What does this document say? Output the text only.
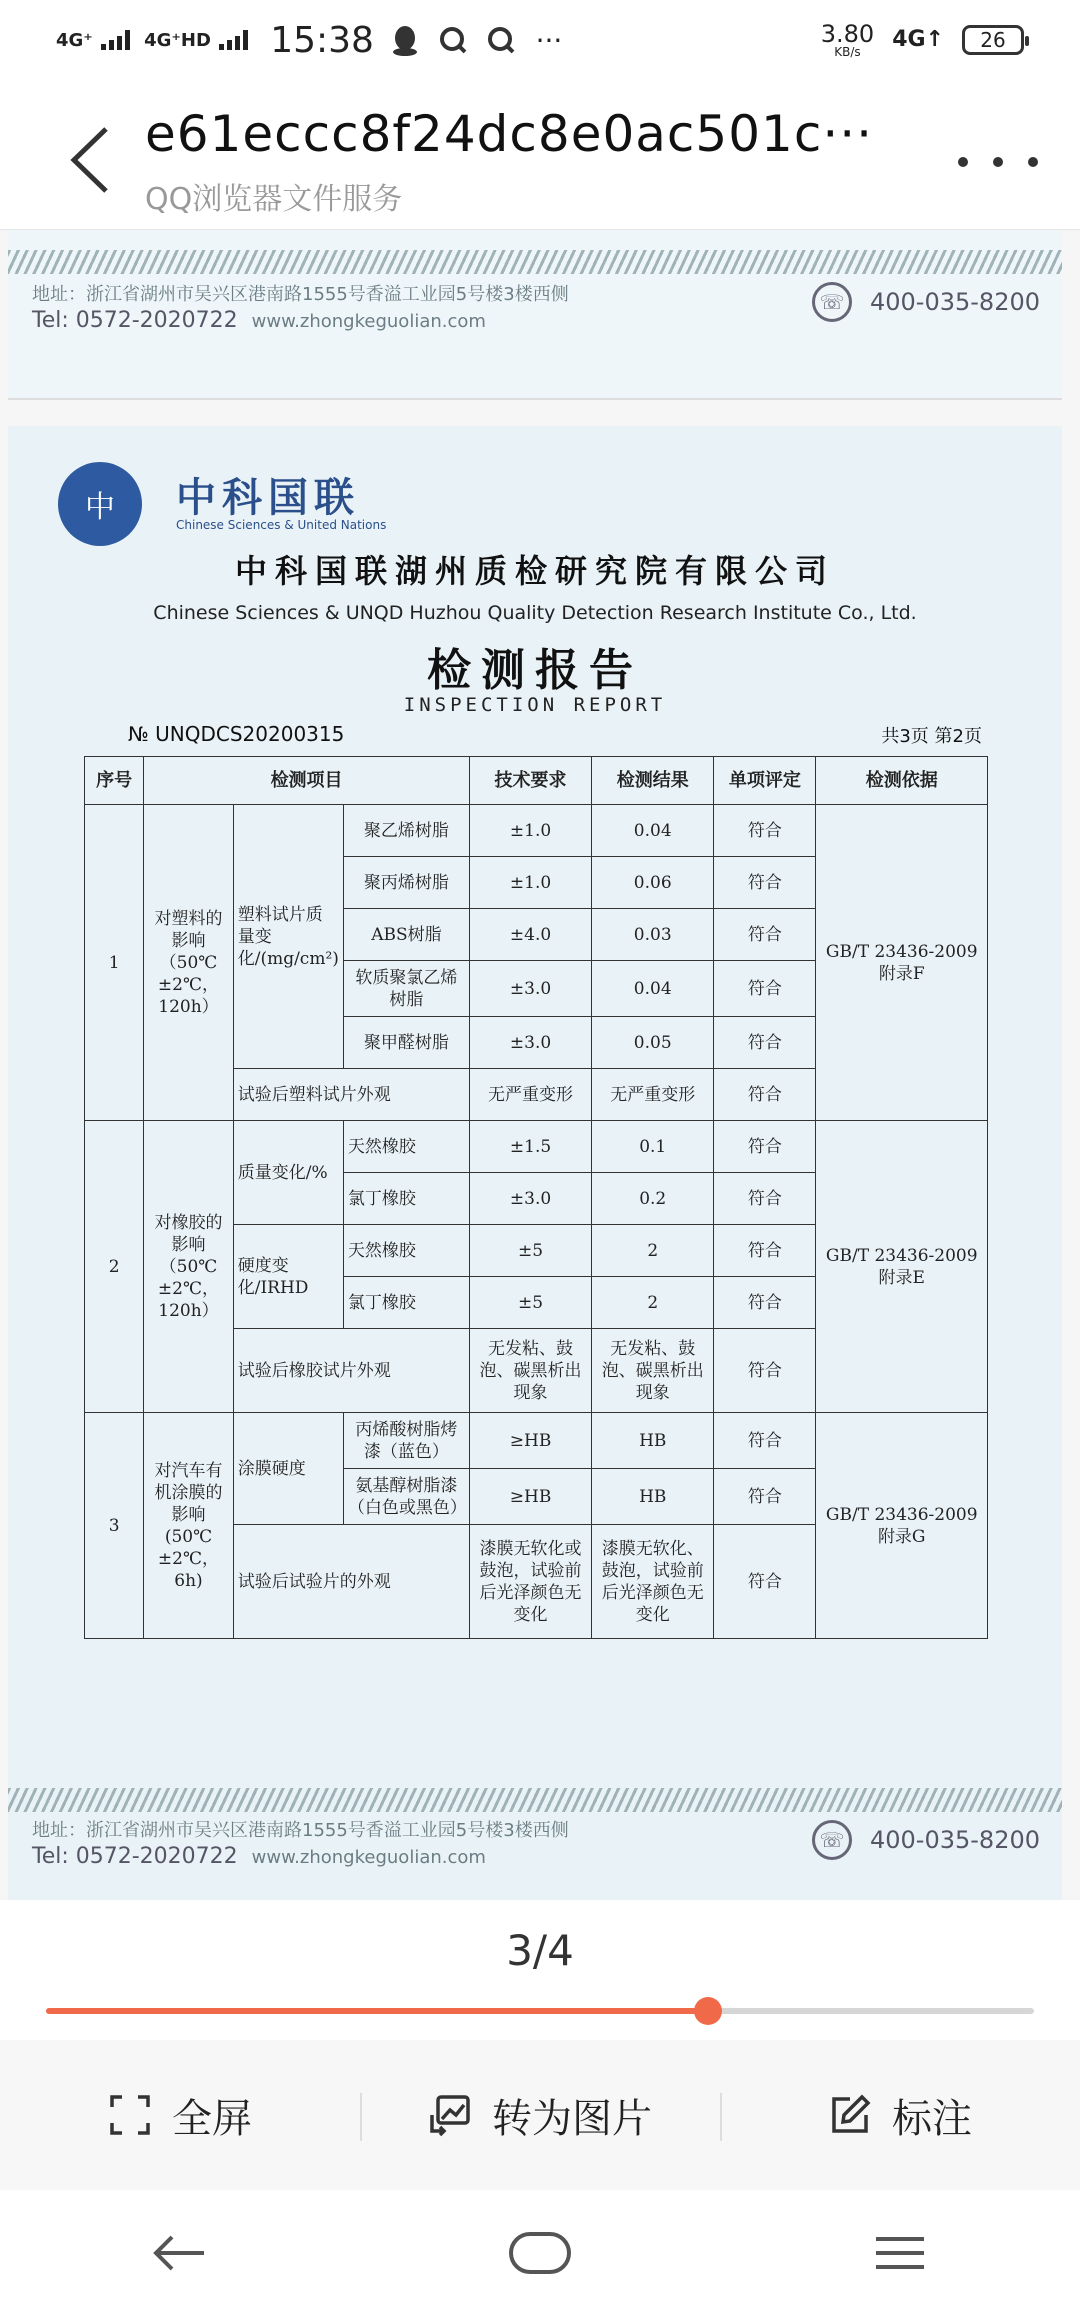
4G⁺	4G⁺HD	15:38	···	3.80
KB/s	4G↑	26
e61eccc8f24dc8e0ac501c···
QQ浏览器文件服务
地址：浙江省湖州市吴兴区港南路1555号香溢工业园5号楼3楼西侧
Tel: 0572-2020722 www.zhongkeguolian.com
☏	400-035-8200
中 中科国联
Chinese Sciences & United Nations
中科国联湖州质检研究院有限公司
Chinese Sciences & UNQD Huzhou Quality Detection Research Institute Co., Ltd.
检测报告
INSPECTION REPORT
№ UNQDCS20200315	共3页 第2页
序号	检测项目			技术要求	检测结果	单项评定	检测依据
1	对塑料的影响（50℃±2℃，120h）	塑料试片质量变化/(mg/cm²)	聚乙烯树脂	±1.0	0.04	符合	GB/T 23436-2009 附录F
			聚丙烯树脂	±1.0	0.06	符合	
			ABS树脂	±4.0	0.03	符合	
			软质聚氯乙烯树脂	±3.0	0.04	符合	
			聚甲醛树脂	±3.0	0.05	符合	
		试验后塑料试片外观		无严重变形	无严重变形	符合	
2	对橡胶的影响（50℃±2℃，120h）	质量变化/%	天然橡胶	±1.5	0.1	符合	GB/T 23436-2009 附录E
			氯丁橡胶	±3.0	0.2	符合	
		硬度变化/IRHD	天然橡胶	±5	2	符合	
			氯丁橡胶	±5	2	符合	
		试验后橡胶试片外观		无发粘、鼓泡、碳黑析出现象	无发粘、鼓泡、碳黑析出现象	符合	
3	对汽车有机涂膜的影响(50℃±2℃，6h)	涂膜硬度	丙烯酸树脂烤漆（蓝色）	≥HB	HB	符合	GB/T 23436-2009 附录G
			氨基醇树脂漆（白色或黑色）	≥HB	HB	符合	
		试验后试验片的外观		漆膜无软化或鼓泡，试验前后光泽颜色无变化	漆膜无软化、鼓泡，试验前后光泽颜色无变化	符合	
地址：浙江省湖州市吴兴区港南路1555号香溢工业园5号楼3楼西侧
Tel: 0572-2020722 www.zhongkeguolian.com
☏	400-035-8200
3/4
全屏	转为图片	标注
